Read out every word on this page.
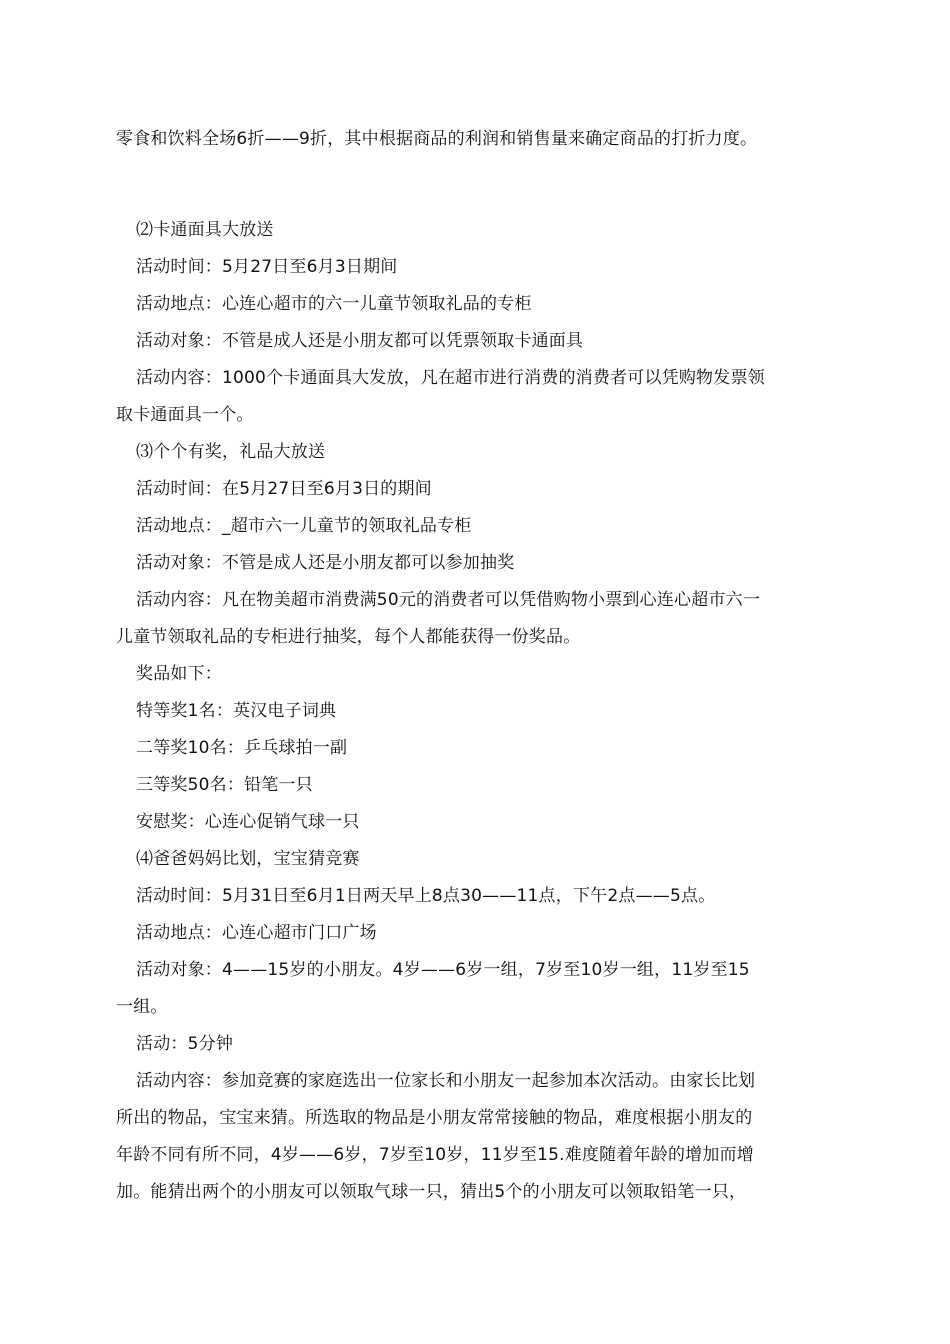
零食和饮料全场6折——9折，其中根据商品的利润和销售量来确定商品的打折力度。
⑵卡通面具大放送
活动时间：5月27日至6月3日期间
活动地点：心连心超市的六一儿童节领取礼品的专柜
活动对象：不管是成人还是小朋友都可以凭票领取卡通面具
活动内容：1000个卡通面具大发放，凡在超市进行消费的消费者可以凭购物发票领
取卡通面具一个。
⑶个个有奖，礼品大放送
活动时间：在5月27日至6月3日的期间
活动地点：_超市六一儿童节的领取礼品专柜
活动对象：不管是成人还是小朋友都可以参加抽奖
活动内容：凡在物美超市消费满50元的消费者可以凭借购物小票到心连心超市六一
儿童节领取礼品的专柜进行抽奖，每个人都能获得一份奖品。
奖品如下：
特等奖1名：英汉电子词典
二等奖10名：乒乓球拍一副
三等奖50名：铅笔一只
安慰奖：心连心促销气球一只
⑷爸爸妈妈比划，宝宝猜竞赛
活动时间：5月31日至6月1日两天早上8点30——11点，下午2点——5点。
活动地点：心连心超市门口广场
活动对象：4——15岁的小朋友。4岁——6岁一组，7岁至10岁一组，11岁至15
一组。
活动：5分钟
活动内容：参加竞赛的家庭选出一位家长和小朋友一起参加本次活动。由家长比划
所出的物品，宝宝来猜。所选取的物品是小朋友常常接触的物品，难度根据小朋友的
年龄不同有所不同，4岁——6岁，7岁至10岁，11岁至15.难度随着年龄的增加而增
加。能猜出两个的小朋友可以领取气球一只，猜出5个的小朋友可以领取铅笔一只，
